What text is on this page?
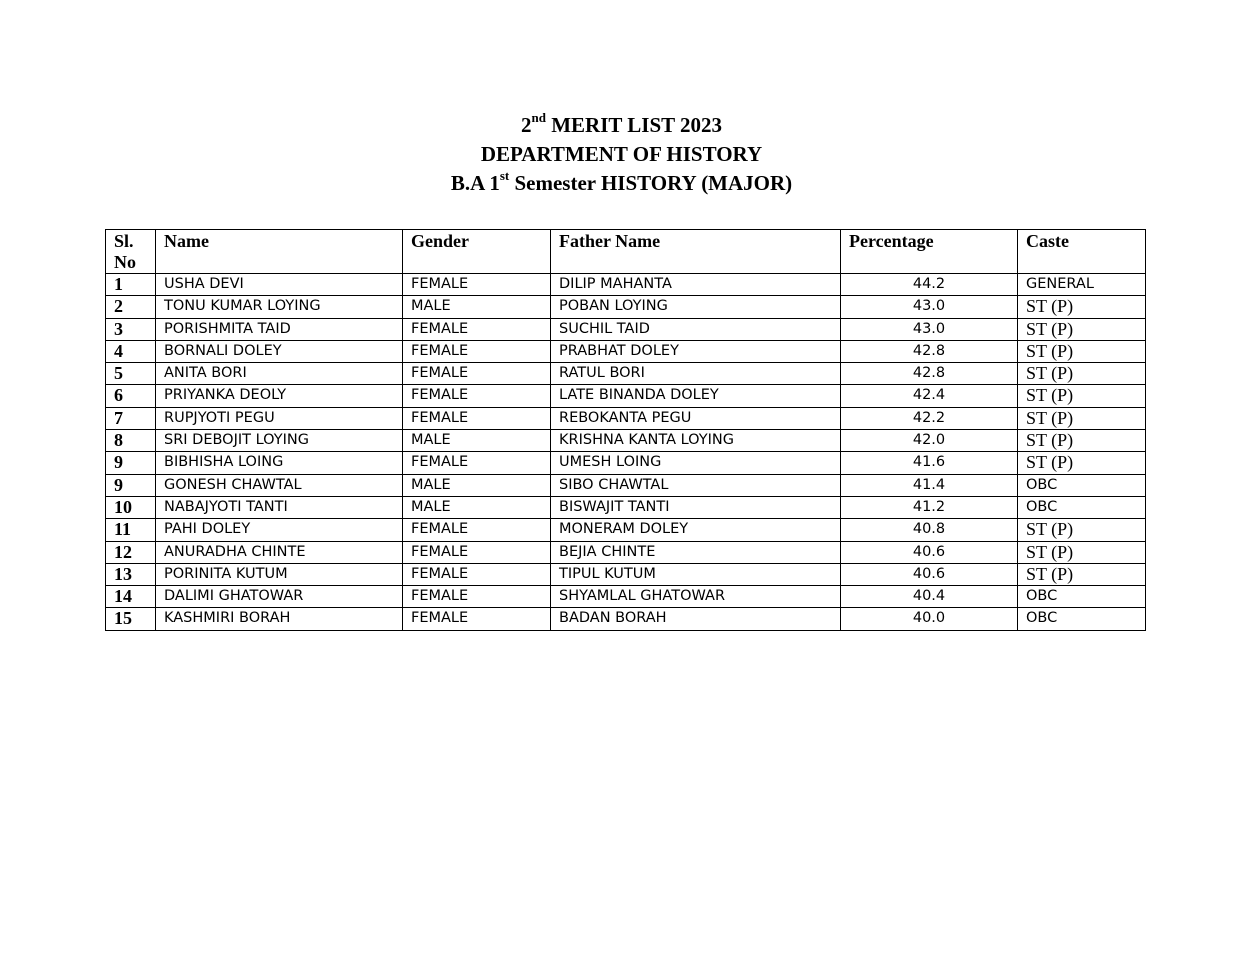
2nd MERIT LIST 2023
DEPARTMENT OF HISTORY
B.A 1st Semester HISTORY (MAJOR)
Sl.
No	Name	Gender	Father Name	Percentage	Caste
1	USHA DEVI	FEMALE	DILIP MAHANTA	44.2	GENERAL
2	TONU KUMAR LOYING	MALE	POBAN LOYING	43.0	ST (P)
3	PORISHMITA TAID	FEMALE	SUCHIL TAID	43.0	ST (P)
4	BORNALI DOLEY	FEMALE	PRABHAT DOLEY	42.8	ST (P)
5	ANITA BORI	FEMALE	RATUL BORI	42.8	ST (P)
6	PRIYANKA DEOLY	FEMALE	LATE BINANDA DOLEY	42.4	ST (P)
7	RUPJYOTI PEGU	FEMALE	REBOKANTA PEGU	42.2	ST (P)
8	SRI DEBOJIT LOYING	MALE	KRISHNA KANTA LOYING	42.0	ST (P)
9	BIBHISHA LOING	FEMALE	UMESH LOING	41.6	ST (P)
9	GONESH CHAWTAL	MALE	SIBO CHAWTAL	41.4	OBC
10	NABAJYOTI TANTI	MALE	BISWAJIT TANTI	41.2	OBC
11	PAHI DOLEY	FEMALE	MONERAM DOLEY	40.8	ST (P)
12	ANURADHA CHINTE	FEMALE	BEJIA CHINTE	40.6	ST (P)
13	PORINITA KUTUM	FEMALE	TIPUL KUTUM	40.6	ST (P)
14	DALIMI GHATOWAR	FEMALE	SHYAMLAL GHATOWAR	40.4	OBC
15	KASHMIRI BORAH	FEMALE	BADAN BORAH	40.0	OBC
